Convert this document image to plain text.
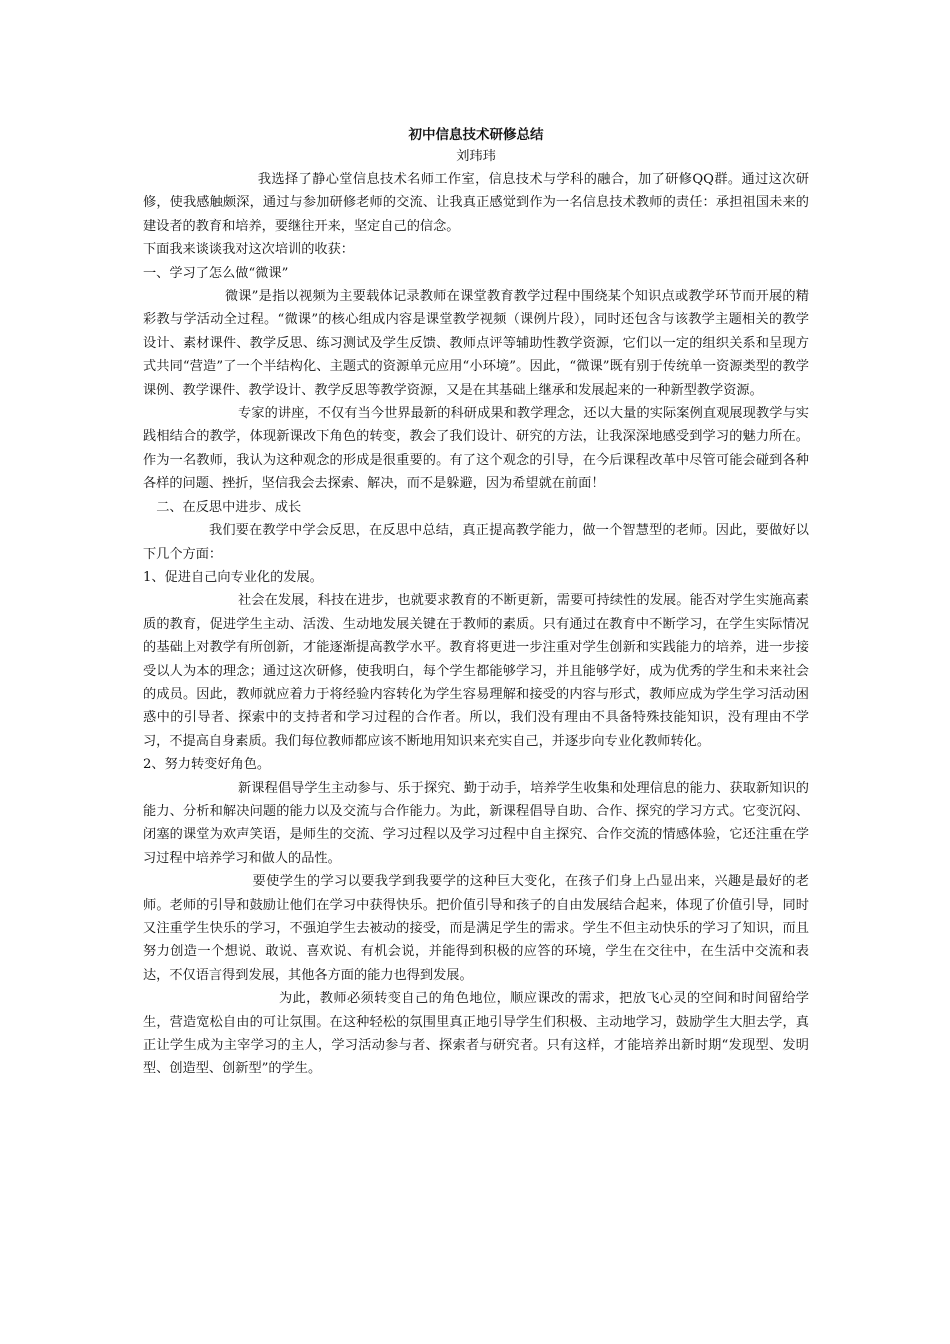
初中信息技术研修总结

刘玮玮

我选择了静心堂信息技术名师工作室，信息技术与学科的融合，加了研修QQ群。通过这次研修，使我感触颇深，通过与参加研修老师的交流、让我真正感觉到作为一名信息技术教师的责任：承担祖国未来的建设者的教育和培养，要继往开来，坚定自己的信念。

下面我来谈谈我对这次培训的收获：

一、学习了怎么做“微课”

微课”是指以视频为主要载体记录教师在课堂教育教学过程中围绕某个知识点或教学环节而开展的精彩教与学活动全过程。“微课”的核心组成内容是课堂教学视频（课例片段），同时还包含与该教学主题相关的教学设计、素材课件、教学反思、练习测试及学生反馈、教师点评等辅助性教学资源，它们以一定的组织关系和呈现方式共同“营造”了一个半结构化、主题式的资源单元应用“小环境”。因此，“微课”既有别于传统单一资源类型的教学课例、教学课件、教学设计、教学反思等教学资源，又是在其基础上继承和发展起来的一种新型教学资源。

专家的讲座，不仅有当今世界最新的科研成果和教学理念，还以大量的实际案例直观展现教学与实践相结合的教学，体现新课改下角色的转变，教会了我们设计、研究的方法，让我深深地感受到学习的魅力所在。作为一名教师，我认为这种观念的形成是很重要的。有了这个观念的引导，在今后课程改革中尽管可能会碰到各种各样的问题、挫折，坚信我会去探索、解决，而不是躲避，因为希望就在前面！

二、在反思中进步、成长

我们要在教学中学会反思，在反思中总结，真正提高教学能力，做一个智慧型的老师。因此，要做好以下几个方面：

1、促进自己向专业化的发展。

社会在发展，科技在进步，也就要求教育的不断更新，需要可持续性的发展。能否对学生实施高素质的教育，促进学生主动、活泼、生动地发展关键在于教师的素质。只有通过在教育中不断学习，在学生实际情况的基础上对教学有所创新，才能逐渐提高教学水平。教育将更进一步注重对学生创新和实践能力的培养，进一步接受以人为本的理念；通过这次研修，使我明白，每个学生都能够学习，并且能够学好，成为优秀的学生和未来社会的成员。因此，教师就应着力于将经验内容转化为学生容易理解和接受的内容与形式，教师应成为学生学习活动困惑中的引导者、探索中的支持者和学习过程的合作者。所以，我们没有理由不具备特殊技能知识，没有理由不学习，不提高自身素质。我们每位教师都应该不断地用知识来充实自己，并逐步向专业化教师转化。

2、努力转变好角色。

新课程倡导学生主动参与、乐于探究、勤于动手，培养学生收集和处理信息的能力、获取新知识的能力、分析和解决问题的能力以及交流与合作能力。为此，新课程倡导自助、合作、探究的学习方式。它变沉闷、闭塞的课堂为欢声笑语，是师生的交流、学习过程以及学习过程中自主探究、合作交流的情感体验，它还注重在学习过程中培养学习和做人的品性。

要使学生的学习以要我学到我要学的这种巨大变化，在孩子们身上凸显出来，兴趣是最好的老师。老师的引导和鼓励让他们在学习中获得快乐。把价值引导和孩子的自由发展结合起来，体现了价值引导，同时又注重学生快乐的学习，不强迫学生去被动的接受，而是满足学生的需求。学生不但主动快乐的学习了知识，而且努力创造一个想说、敢说、喜欢说、有机会说，并能得到积极的应答的环境，学生在交往中，在生活中交流和表达，不仅语言得到发展，其他各方面的能力也得到发展。

为此，教师必须转变自己的角色地位，顺应课改的需求，把放飞心灵的空间和时间留给学生，营造宽松自由的可让氛围。在这种轻松的氛围里真正地引导学生们积极、主动地学习，鼓励学生大胆去学，真正让学生成为主宰学习的主人，学习活动参与者、探索者与研究者。只有这样，才能培养出新时期“发现型、发明型、创造型、创新型”的学生。
